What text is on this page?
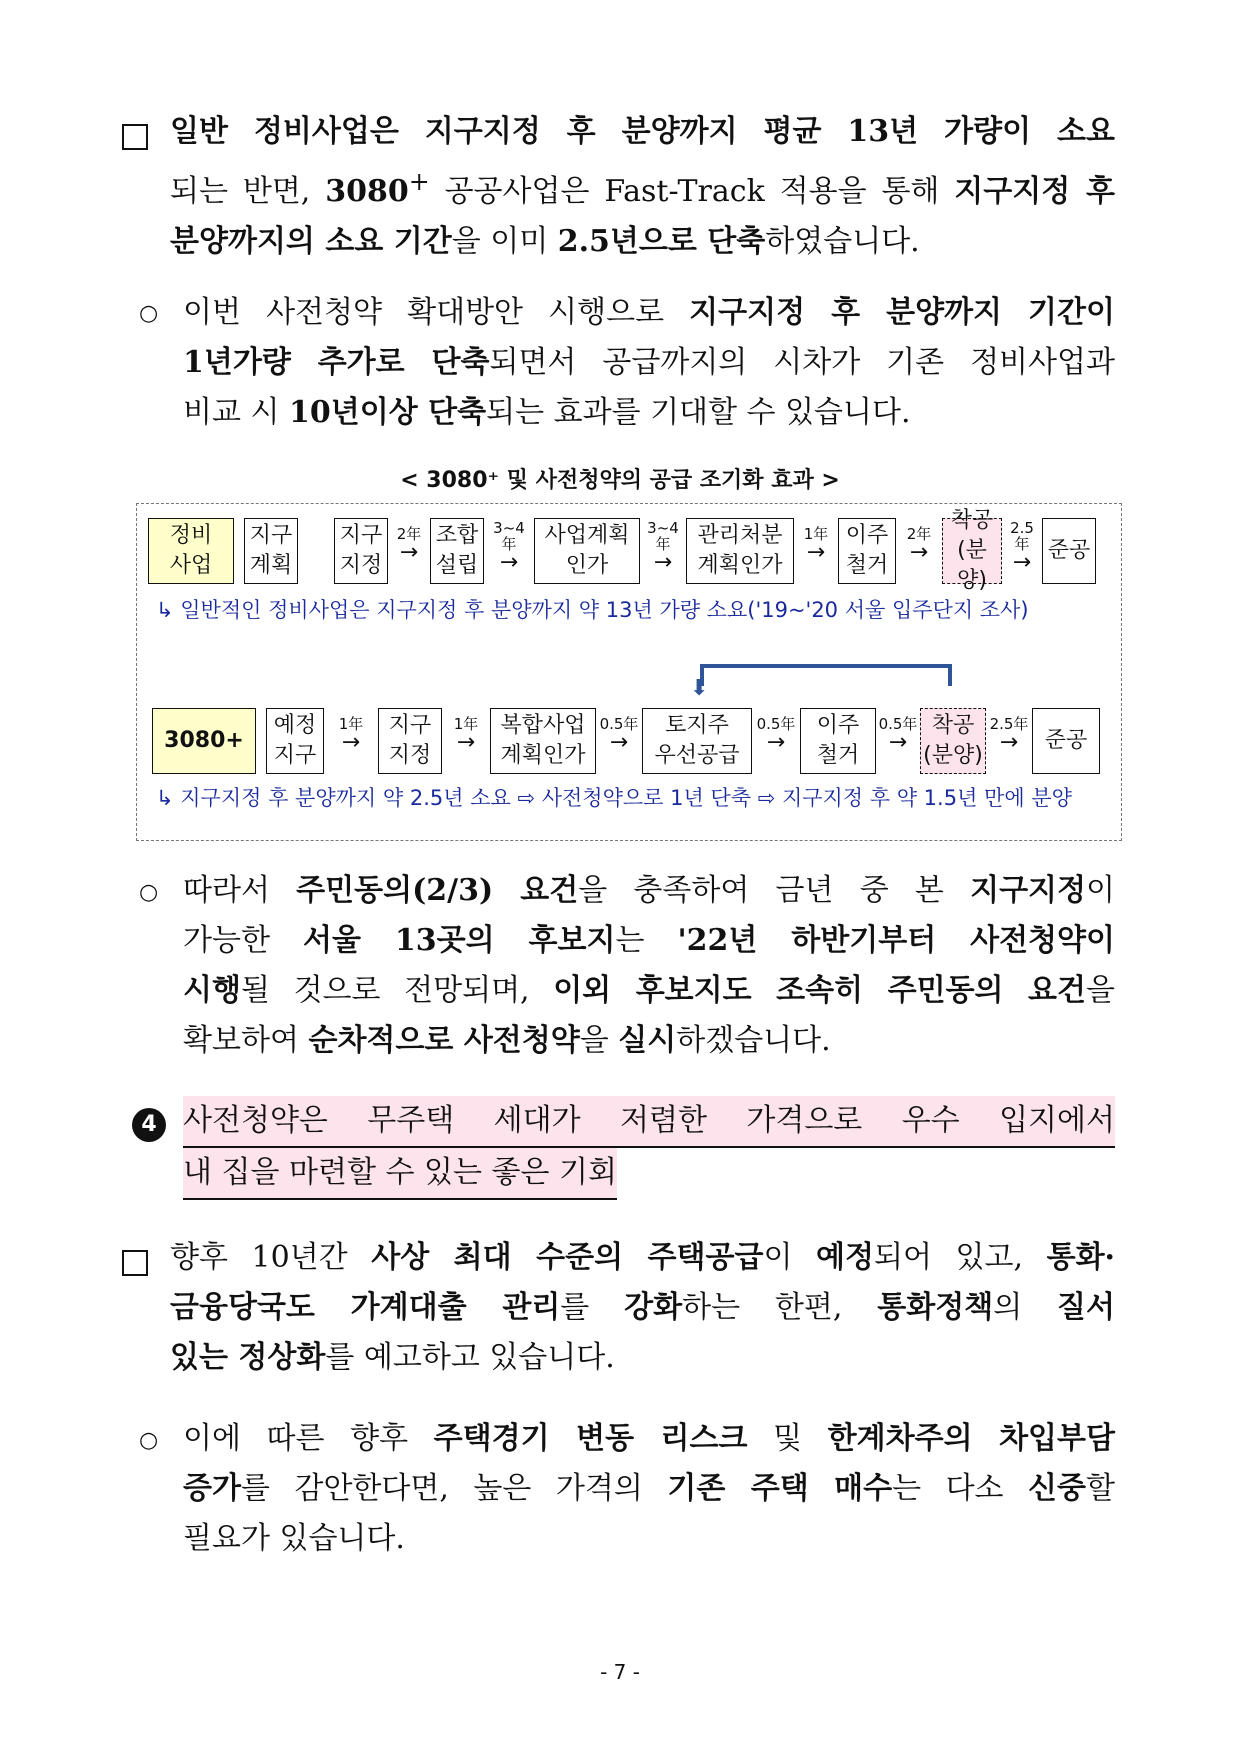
일반 정비사업은 지구지정 후 분양까지 평균 13년 가량이 소요
되는 반면, 3080+ 공공사업은 Fast-Track 적용을 통해 지구지정 후
분양까지의 소요 기간을 이미 2.5년으로 단축하였습니다.
○ 이번 사전청약 확대방안 시행으로 지구지정 후 분양까지 기간이
1년가량 추가로 단축되면서 공급까지의 시차가 기존 정비사업과
비교 시 10년이상 단축되는 효과를 기대할 수 있습니다.
< 3080⁺ 및 사전청약의 공급 조기화 효과 >
정비
사업
지구
계획
지구
지정
조합
설립
사업계획
인가
관리처분
계획인가
이주
철거
착공
(분양)
준공
2年
→
3~4
年
→
3~4
年
→
1年
→
2年
→
2.5
年
→
↳ 일반적인 정비사업은 지구지정 후 분양까지 약 13년 가량 소요('19~'20 서울 입주단지 조사)
⬇
3080+
예정
지구
지구
지정
복합사업
계획인가
토지주
우선공급
이주
철거
착공
(분양)
준공
1年
→
1年
→
0.5年
→
0.5年
→
0.5年
→
2.5年
→
↳ 지구지정 후 분양까지 약 2.5년 소요 ⇨ 사전청약으로 1년 단축 ⇨ 지구지정 후 약 1.5년 만에 분양
○ 따라서 주민동의(2/3) 요건을 충족하여 금년 중 본 지구지정이
가능한 서울 13곳의 후보지는 '22년 하반기부터 사전청약이
시행될 것으로 전망되며, 이외 후보지도 조속히 주민동의 요건을
확보하여 순차적으로 사전청약을 실시하겠습니다.
4 사전청약은 무주택 세대가 저렴한 가격으로 우수 입지에서
내 집을 마련할 수 있는 좋은 기회
향후 10년간 사상 최대 수준의 주택공급이 예정되어 있고, 통화·
금융당국도 가계대출 관리를 강화하는 한편, 통화정책의 질서
있는 정상화를 예고하고 있습니다.
○ 이에 따른 향후 주택경기 변동 리스크 및 한계차주의 차입부담
증가를 감안한다면, 높은 가격의 기존 주택 매수는 다소 신중할
필요가 있습니다.
- 7 -
